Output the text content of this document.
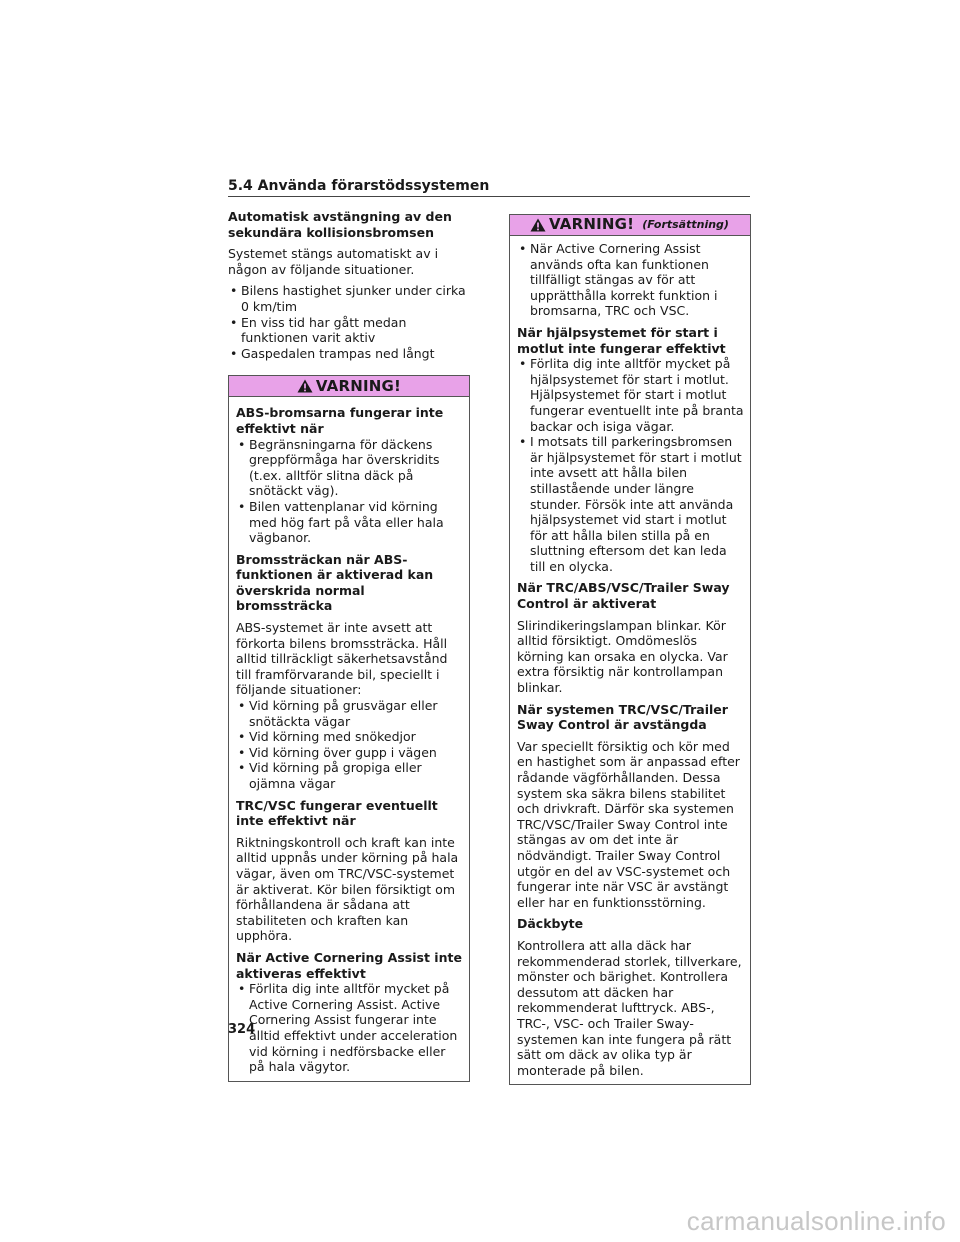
5.4 Använda förarstödssystemen

Automatisk avstängning av den sekundära kollisionsbromsen

Systemet stängs automatiskt av i någon av följande situationer.

• Bilens hastighet sjunker under cirka 0 km/tim
• En viss tid har gått medan funktionen varit aktiv
• Gaspedalen trampas ned långt
VARNING!

ABS-bromsarna fungerar inte effektivt när

• Begränsningarna för däckens greppförmåga har överskridits (t.ex. alltför slitna däck på snötäckt väg).
• Bilen vattenplanar vid körning med hög fart på våta eller hala vägbanor.

Bromssträckan när ABS-funktionen är aktiverad kan överskrida normal bromssträcka

ABS-systemet är inte avsett att förkorta bilens bromssträcka. Håll alltid tillräckligt säkerhetsavstånd till framförvarande bil, speciellt i följande situationer:

• Vid körning på grusvägar eller snötäckta vägar
• Vid körning med snökedjor
• Vid körning över gupp i vägen
• Vid körning på gropiga eller ojämna vägar

TRC/VSC fungerar eventuellt inte effektivt när

Riktningskontroll och kraft kan inte alltid uppnås under körning på hala vägar, även om TRC/VSC-systemet är aktiverat. Kör bilen försiktigt om förhållandena är sådana att stabiliteten och kraften kan upphöra.

När Active Cornering Assist inte aktiveras effektivt

• Förlita dig inte alltför mycket på Active Cornering Assist. Active Cornering Assist fungerar inte alltid effektivt under acceleration vid körning i nedförsbacke eller på hala vägytor.
VARNING! (Fortsättning)
• När Active Cornering Assist används ofta kan funktionen tillfälligt stängas av för att upprätthålla korrekt funktion i bromsarna, TRC och VSC.

När hjälpsystemet för start i motlut inte fungerar effektivt

• Förlita dig inte alltför mycket på hjälpsystemet för start i motlut. Hjälpsystemet för start i motlut fungerar eventuellt inte på branta backar och isiga vägar.
• I motsats till parkeringsbromsen är hjälpsystemet för start i motlut inte avsett att hålla bilen stillastående under längre stunder. Försök inte att använda hjälpsystemet vid start i motlut för att hålla bilen stilla på en sluttning eftersom det kan leda till en olycka.

När TRC/ABS/VSC/Trailer Sway Control är aktiverat

Slirindikeringslampan blinkar. Kör alltid försiktigt. Omdömeslös körning kan orsaka en olycka. Var extra försiktig när kontrollampan blinkar.

När systemen TRC/VSC/Trailer Sway Control är avstängda

Var speciellt försiktig och kör med en hastighet som är anpassad efter rådande vägförhållanden. Dessa system ska säkra bilens stabilitet och drivkraft. Därför ska systemen TRC/VSC/Trailer Sway Control inte stängas av om det inte är nödvändigt. Trailer Sway Control utgör en del av VSC-systemet och fungerar inte när VSC är avstängt eller har en funktionsstörning.

Däckbyte

Kontrollera att alla däck har rekommenderad storlek, tillverkare, mönster och bärighet. Kontrollera dessutom att däcken har rekommenderat lufttryck. ABS-, TRC-, VSC- och Trailer Sway-systemen kan inte fungera på rätt sätt om däck av olika typ är monterade på bilen.

324
carmanualsonline.info
